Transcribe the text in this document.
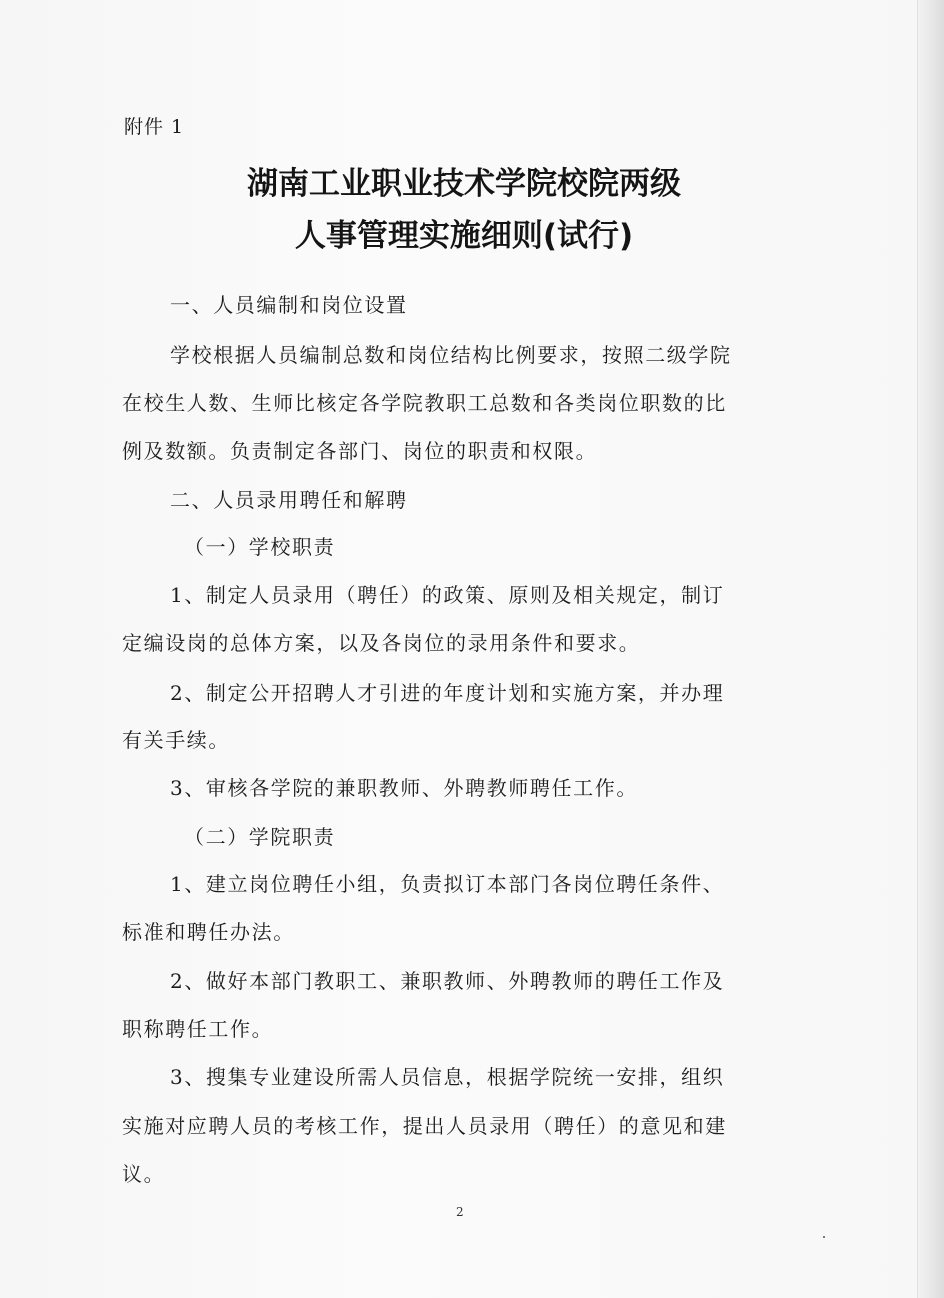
附件 1
湖南工业职业技术学院校院两级
人事管理实施细则(试行)
一、人员编制和岗位设置
学校根据人员编制总数和岗位结构比例要求，按照二级学院
在校生人数、生师比核定各学院教职工总数和各类岗位职数的比
例及数额。负责制定各部门、岗位的职责和权限。
二、人员录用聘任和解聘
（一）学校职责
1、制定人员录用（聘任）的政策、原则及相关规定，制订
定编设岗的总体方案，以及各岗位的录用条件和要求。
2、制定公开招聘人才引进的年度计划和实施方案，并办理
有关手续。
3、审核各学院的兼职教师、外聘教师聘任工作。
（二）学院职责
1、建立岗位聘任小组，负责拟订本部门各岗位聘任条件、
标准和聘任办法。
2、做好本部门教职工、兼职教师、外聘教师的聘任工作及
职称聘任工作。
3、搜集专业建设所需人员信息，根据学院统一安排，组织
实施对应聘人员的考核工作，提出人员录用（聘任）的意见和建
议。
2
